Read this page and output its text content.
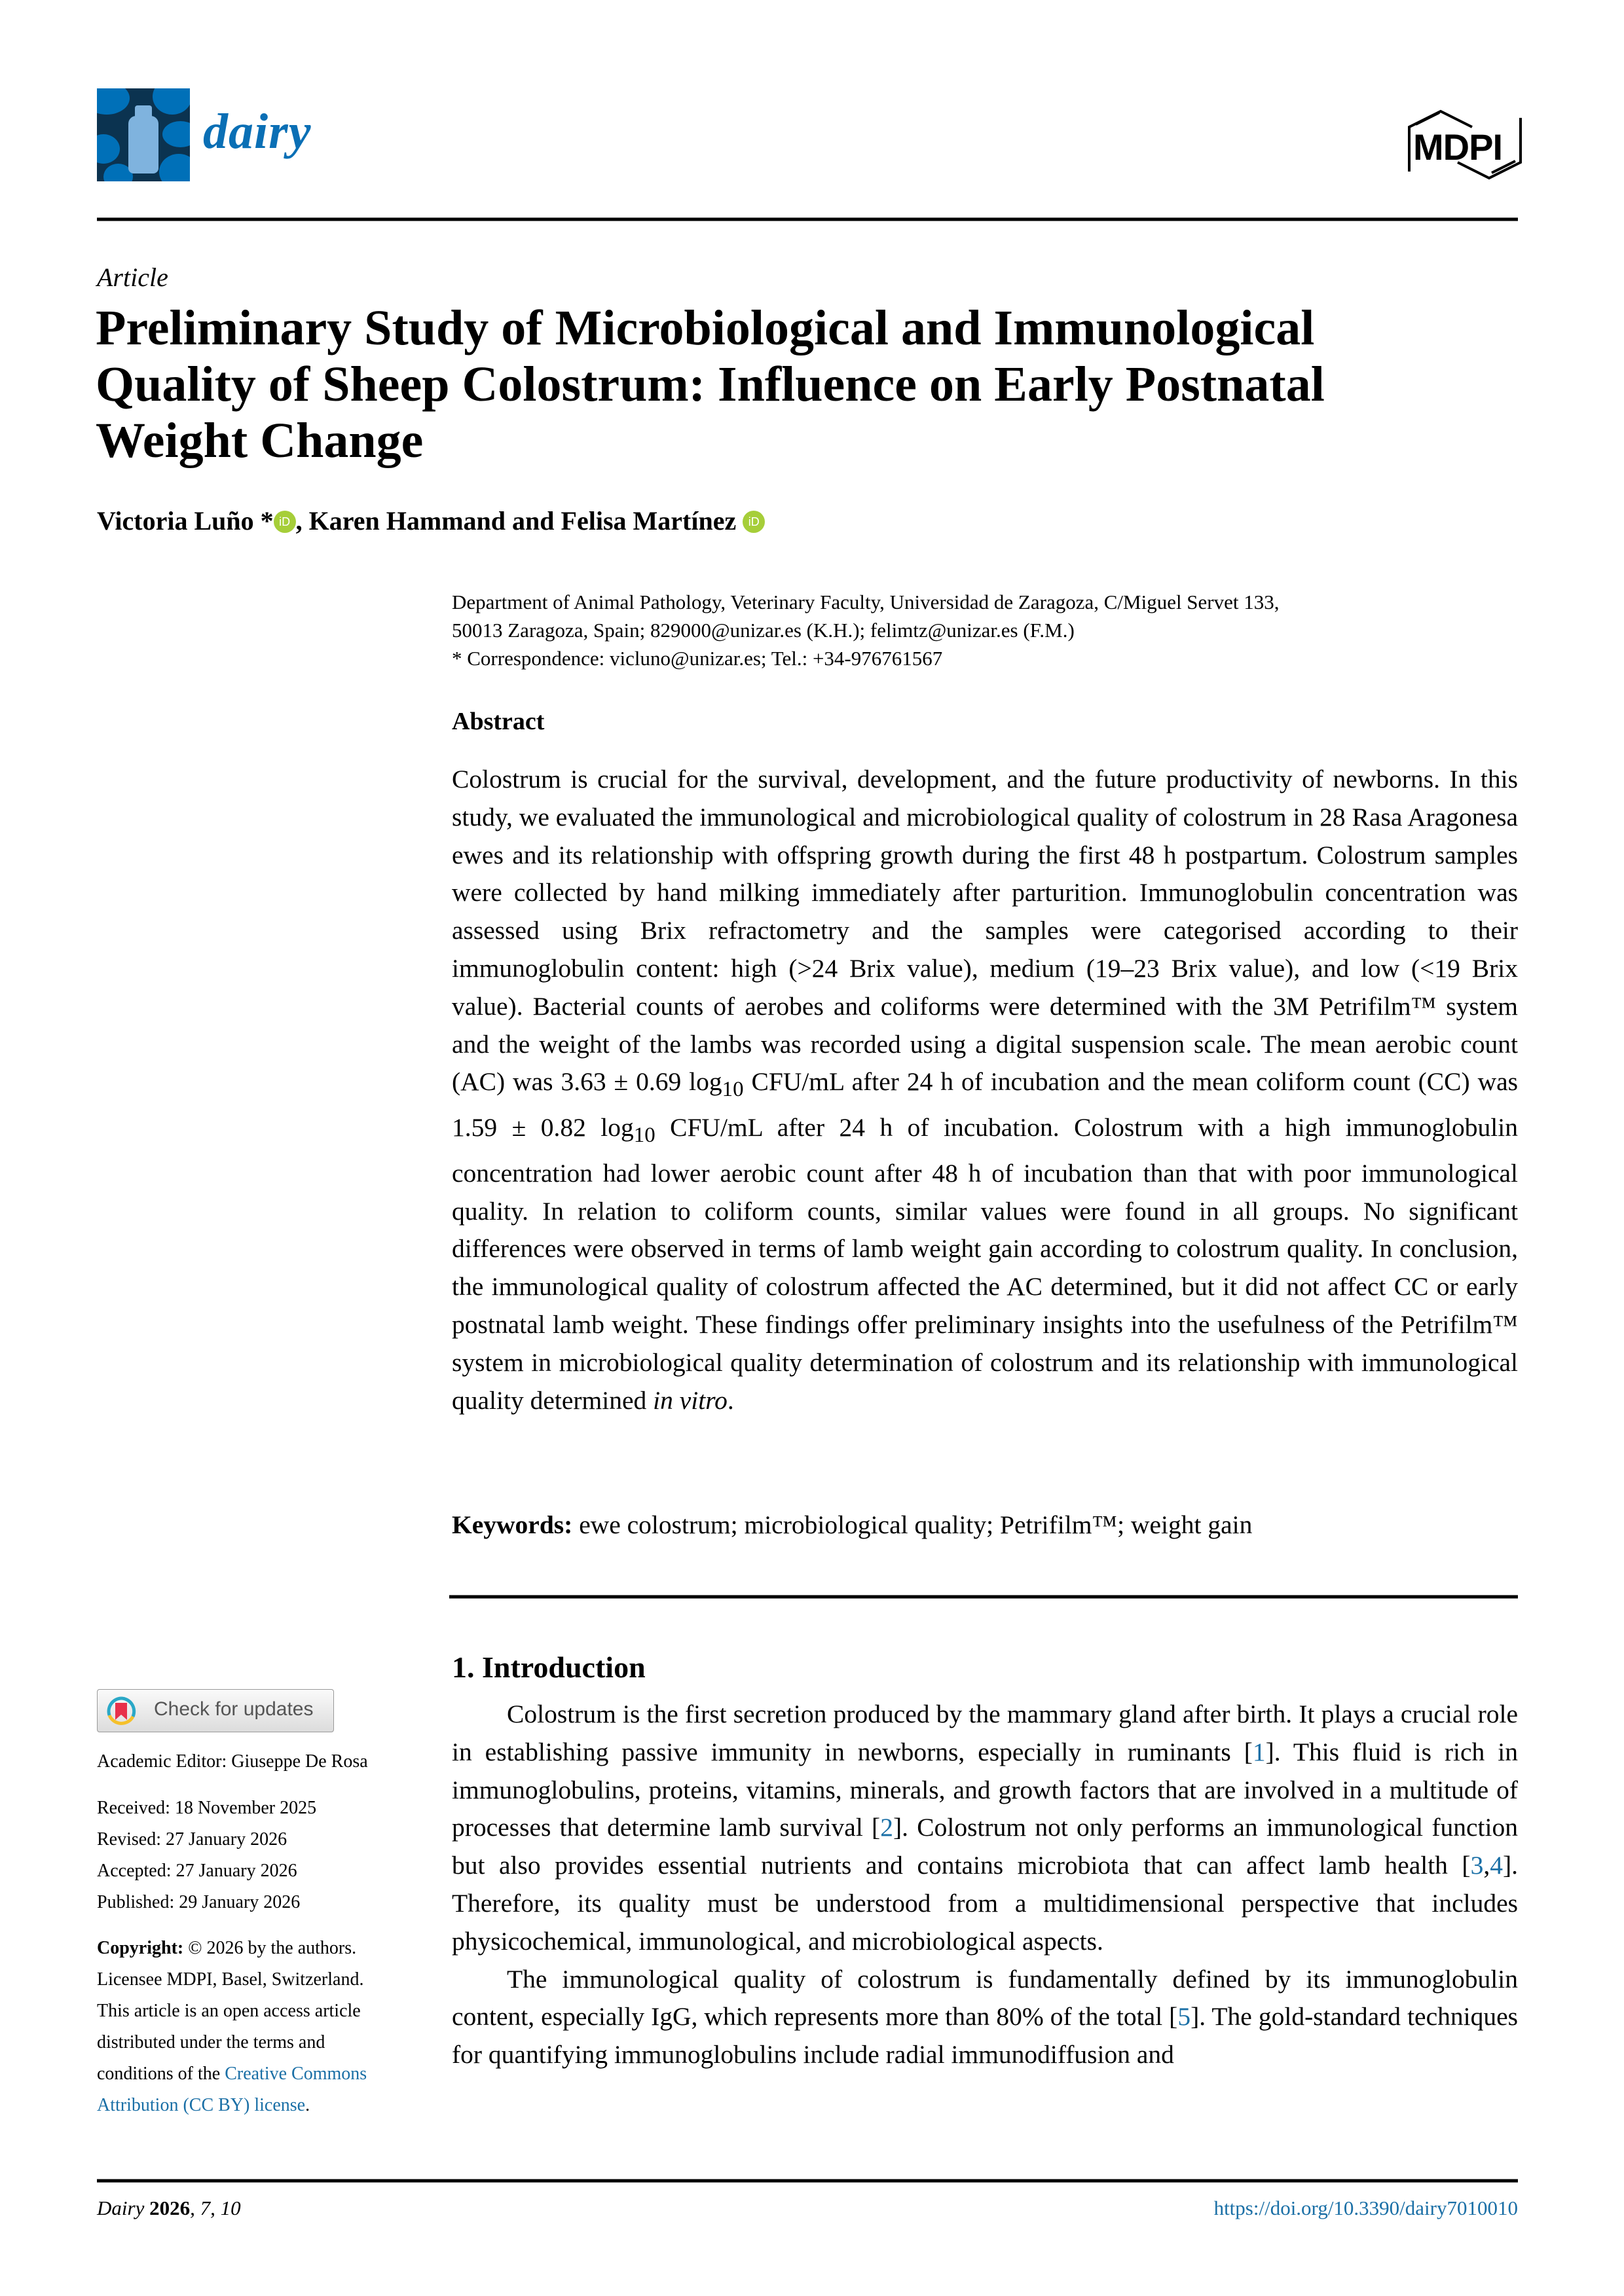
dairy	MDPI
Article
Preliminary Study of Microbiological and Immunological Quality of Sheep Colostrum: Influence on Early Postnatal Weight Change
Victoria Luño * iD , Karen Hammand and Felisa Martínez iD
Department of Animal Pathology, Veterinary Faculty, Universidad de Zaragoza, C/Miguel Servet 133,
50013 Zaragoza, Spain; 829000@unizar.es (K.H.); felimtz@unizar.es (F.M.)
* Correspondence: vicluno@unizar.es; Tel.: +34-976761567
Abstract
Colostrum is crucial for the survival, development, and the future productivity of newborns. In this study, we evaluated the immunological and microbiological quality of colostrum in 28 Rasa Aragonesa ewes and its relationship with offspring growth during the first 48 h postpartum. Colostrum samples were collected by hand milking immediately after parturition. Immunoglobulin concentration was assessed using Brix refractometry and the samples were categorised according to their immunoglobulin content: high (>24 Brix value), medium (19–23 Brix value), and low (<19 Brix value). Bacterial counts of aerobes and coliforms were determined with the 3M Petrifilm™ system and the weight of the lambs was recorded using a digital suspension scale. The mean aerobic count (AC) was 3.63 ± 0.69 $\log_{10} CFU/mL$ after 24 h of incubation and the mean coliform count (CC) was 1.59 ± 0.82 $\log_{10} CFU/mL$ after 24 h of incubation. Colostrum with a high immunoglobulin concentration had lower aerobic count after 48 h of incubation than that with poor immunological quality. In relation to coliform counts, similar values were found in all groups. No significant differences were observed in terms of lamb weight gain according to colostrum quality. In conclusion, the immunological quality of colostrum affected the AC determined, but it did not affect CC or early postnatal lamb weight. These findings offer preliminary insights into the usefulness of the Petrifilm™ system in microbiological quality determination of colostrum and its relationship with immunological quality determined in vitro.
Keywords: ewe colostrum; microbiological quality; Petrifilm™; weight gain
Check for updates
Academic Editor: Giuseppe De Rosa
Received: 18 November 2025
Revised: 27 January 2026
Accepted: 27 January 2026
Published: 29 January 2026
Copyright: © 2026 by the authors.
Licensee MDPI, Basel, Switzerland.
This article is an open access article
distributed under the terms and
conditions of the Creative Commons
Attribution (CC BY) license.
1. Introduction

Colostrum is the first secretion produced by the mammary gland after birth. It plays a crucial role in establishing passive immunity in newborns, especially in ruminants [1]. This fluid is rich in immunoglobulins, proteins, vitamins, minerals, and growth factors that are involved in a multitude of processes that determine lamb survival [2]. Colostrum not only performs an immunological function but also provides essential nutrients and contains microbiota that can affect lamb health [3,4]. Therefore, its quality must be understood from a multidimensional perspective that includes physicochemical, immunological, and microbiological aspects.

The immunological quality of colostrum is fundamentally defined by its immunoglobulin content, especially IgG, which represents more than 80% of the total [5]. The gold-standard techniques for quantifying immunoglobulins include radial immunodiffusion and

Dairy 2026, 7, 10	https://doi.org/10.3390/dairy7010010
